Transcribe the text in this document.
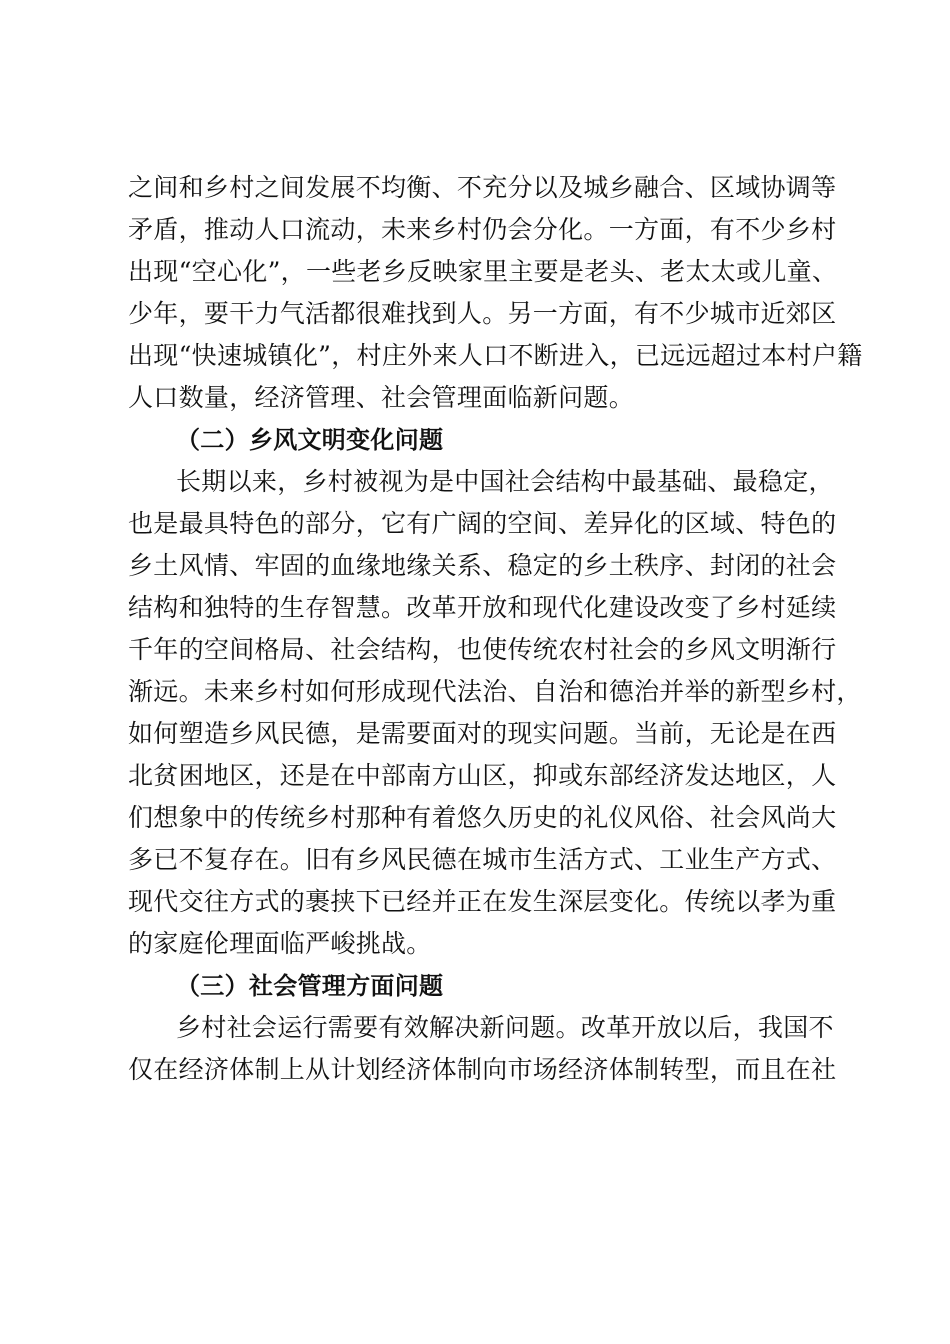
之间和乡村之间发展不均衡、不充分以及城乡融合、区域协调等
矛盾，推动人口流动，未来乡村仍会分化。一方面，有不少乡村
出现“空心化”，一些老乡反映家里主要是老头、老太太或儿童、
少年，要干力气活都很难找到人。另一方面，有不少城市近郊区
出现“快速城镇化”，村庄外来人口不断进入，已远远超过本村户籍
人口数量，经济管理、社会管理面临新问题。
（二）乡风文明变化问题
长期以来，乡村被视为是中国社会结构中最基础、最稳定，
也是最具特色的部分，它有广阔的空间、差异化的区域、特色的
乡土风情、牢固的血缘地缘关系、稳定的乡土秩序、封闭的社会
结构和独特的生存智慧。改革开放和现代化建设改变了乡村延续
千年的空间格局、社会结构，也使传统农村社会的乡风文明渐行
渐远。未来乡村如何形成现代法治、自治和德治并举的新型乡村，
如何塑造乡风民德，是需要面对的现实问题。当前，无论是在西
北贫困地区，还是在中部南方山区，抑或东部经济发达地区，人
们想象中的传统乡村那种有着悠久历史的礼仪风俗、社会风尚大
多已不复存在。旧有乡风民德在城市生活方式、工业生产方式、
现代交往方式的裹挟下已经并正在发生深层变化。传统以孝为重
的家庭伦理面临严峻挑战。
（三）社会管理方面问题
乡村社会运行需要有效解决新问题。改革开放以后，我国不
仅在经济体制上从计划经济体制向市场经济体制转型，而且在社
